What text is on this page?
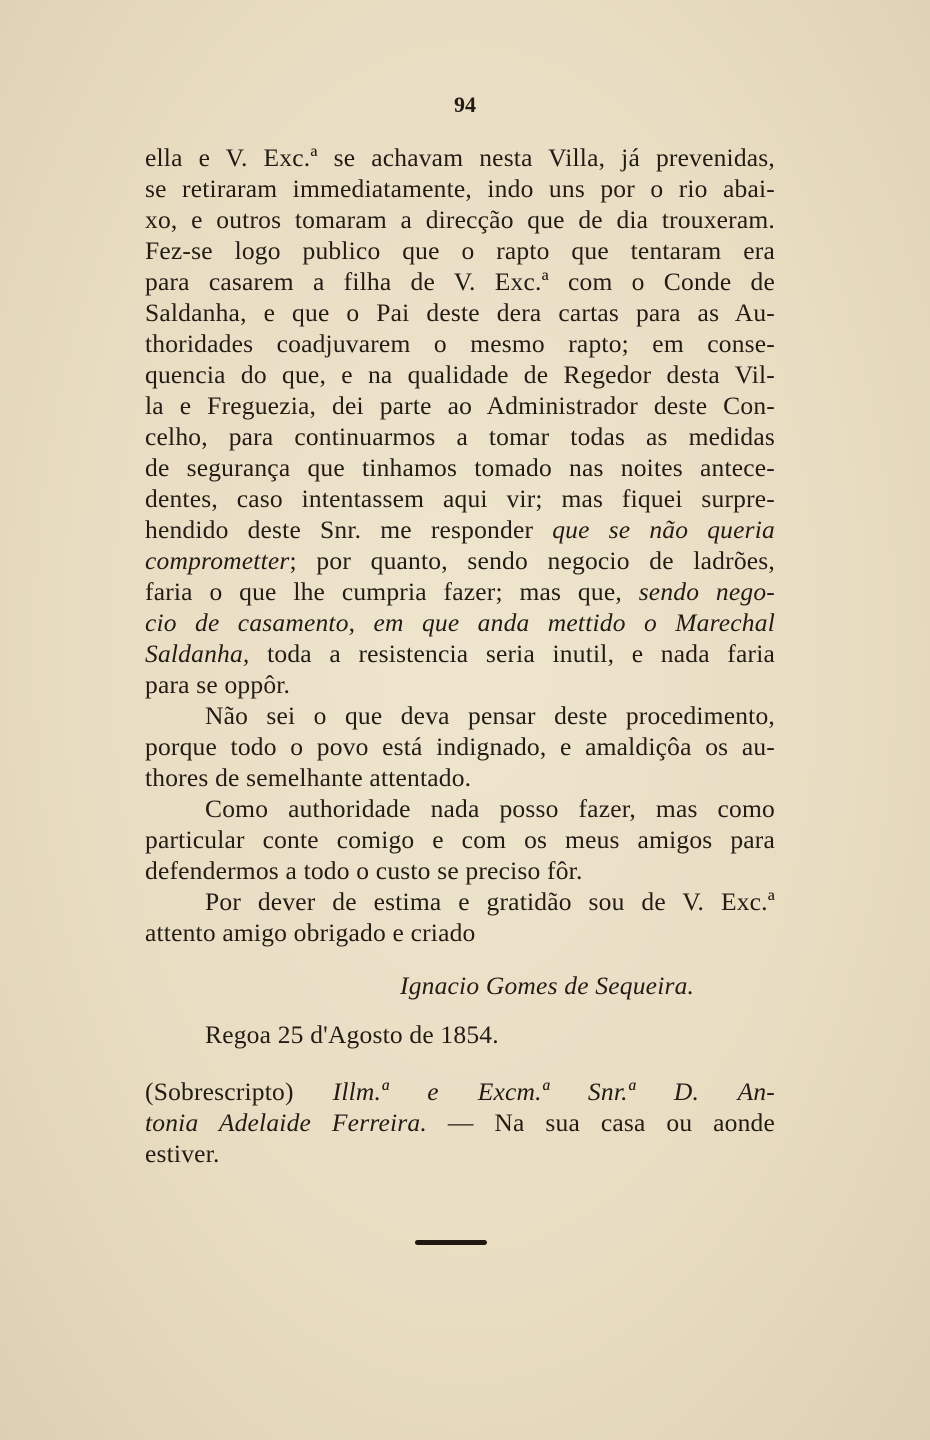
94
ella e V. Exc.ª se achavam nesta Villa, já prevenidas,
se retiraram immediatamente, indo uns por o rio abai-
xo, e outros tomaram a direcção que de dia trouxeram.
Fez-se logo publico que o rapto que tentaram era
para casarem a filha de V. Exc.ª com o Conde de
Saldanha, e que o Pai deste dera cartas para as Au-
thoridades coadjuvarem o mesmo rapto; em conse-
quencia do que, e na qualidade de Regedor desta Vil-
la e Freguezia, dei parte ao Administrador deste Con-
celho, para continuarmos a tomar todas as medidas
de segurança que tinhamos tomado nas noites antece-
dentes, caso intentassem aqui vir; mas fiquei surpre-
hendido deste Snr. me responder que se não queria
comprometter; por quanto, sendo negocio de ladrões,
faria o que lhe cumpria fazer; mas que, sendo nego-
cio de casamento, em que anda mettido o Marechal
Saldanha, toda a resistencia seria inutil, e nada faria
para se oppôr.
Não sei o que deva pensar deste procedimento,
porque todo o povo está indignado, e amaldiçôa os au-
thores de semelhante attentado.
Como authoridade nada posso fazer, mas como
particular conte comigo e com os meus amigos para
defendermos a todo o custo se preciso fôr.
Por dever de estima e gratidão sou de V. Exc.ª
attento amigo obrigado e criado
Ignacio Gomes de Sequeira.
Regoa 25 d'Agosto de 1854.
(Sobrescripto) Illm.ª e Excm.ª Snr.ª D. An-
tonia Adelaide Ferreira. — Na sua casa ou aonde
estiver.
